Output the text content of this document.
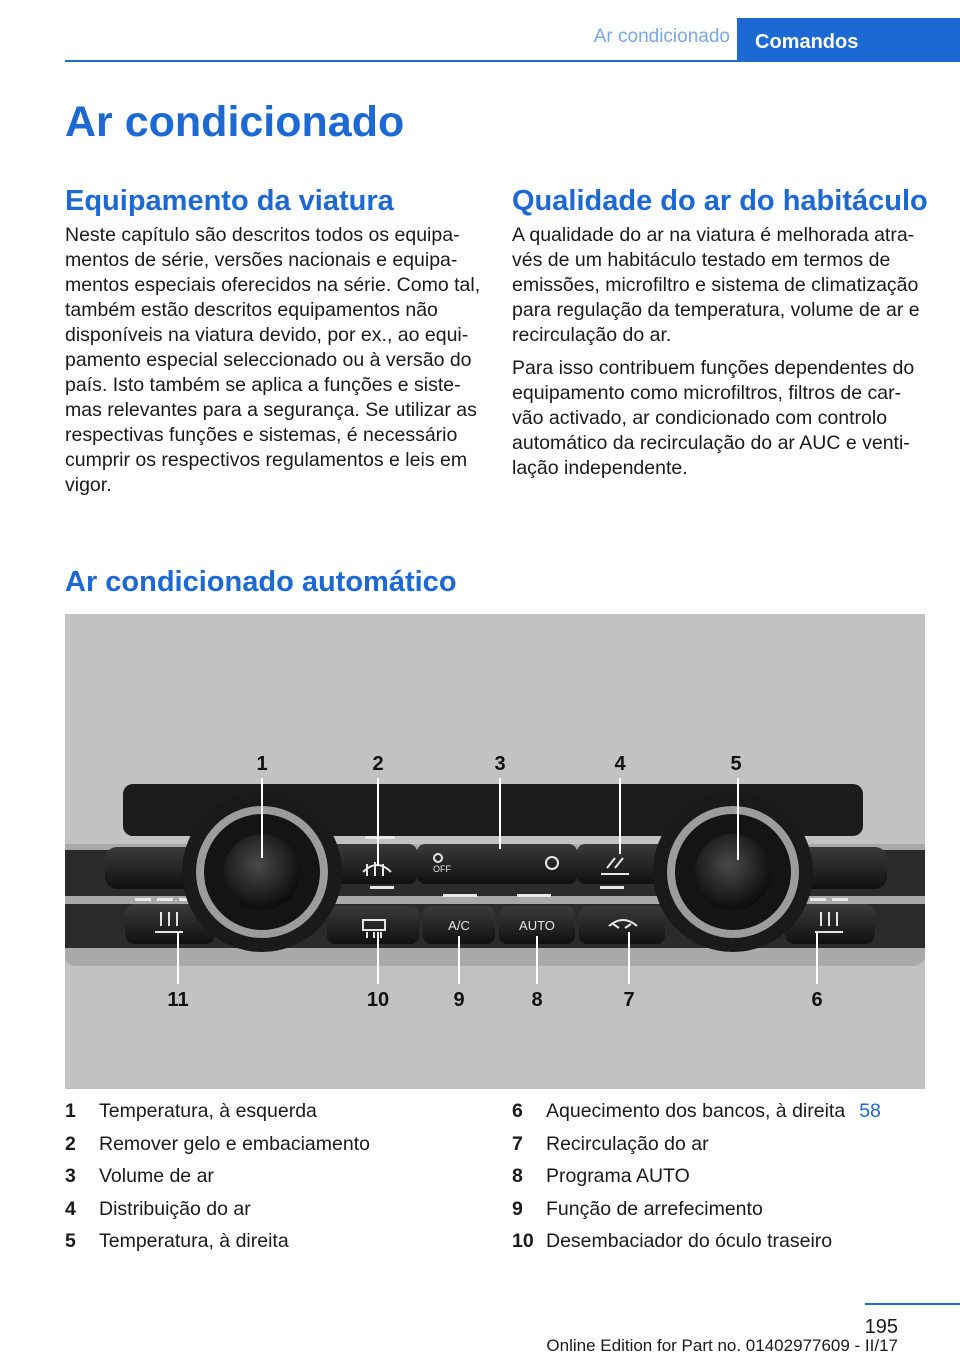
Ar condicionado	Comandos
Ar condicionado
Equipamento da viatura

Neste capítulo são descritos todos os equipa-mentos de série, versões nacionais e equipa-mentos especiais oferecidos na série. Como tal, também estão descritos equipamentos não disponíveis na viatura devido, por ex., ao equi-pamento especial seleccionado ou à versão do país. Isto também se aplica a funções e siste-mas relevantes para a segurança. Se utilizar as respectivas funções e sistemas, é necessário cumprir os respectivos regulamentos e leis em vigor.

Qualidade do ar do habitáculo

A qualidade do ar na viatura é melhorada atra-vés de um habitáculo testado em termos de emissões, microfiltro e sistema de climatização para regulação da temperatura, volume de ar e recirculação do ar.

Para isso contribuem funções dependentes do equipamento como microfiltros, filtros de car-vão activado, ar condicionado com controlo automático da recirculação do ar AUC e venti-lação independente.

Ar condicionado automático
OFF
A/C	AUTO
1	2	3	4	5
11	10	9	8	7	6
1	Temperatura, à esquerda
2	Remover gelo e embaciamento
3	Volume de ar
4	Distribuição do ar
5	Temperatura, à direita
6	Aquecimento dos bancos, à direita 58
7	Recirculação do ar
8	Programa AUTO
9	Função de arrefecimento
10 Desembaciador do óculo traseiro
195
Online Edition for Part no. 01402977609 - II/17
